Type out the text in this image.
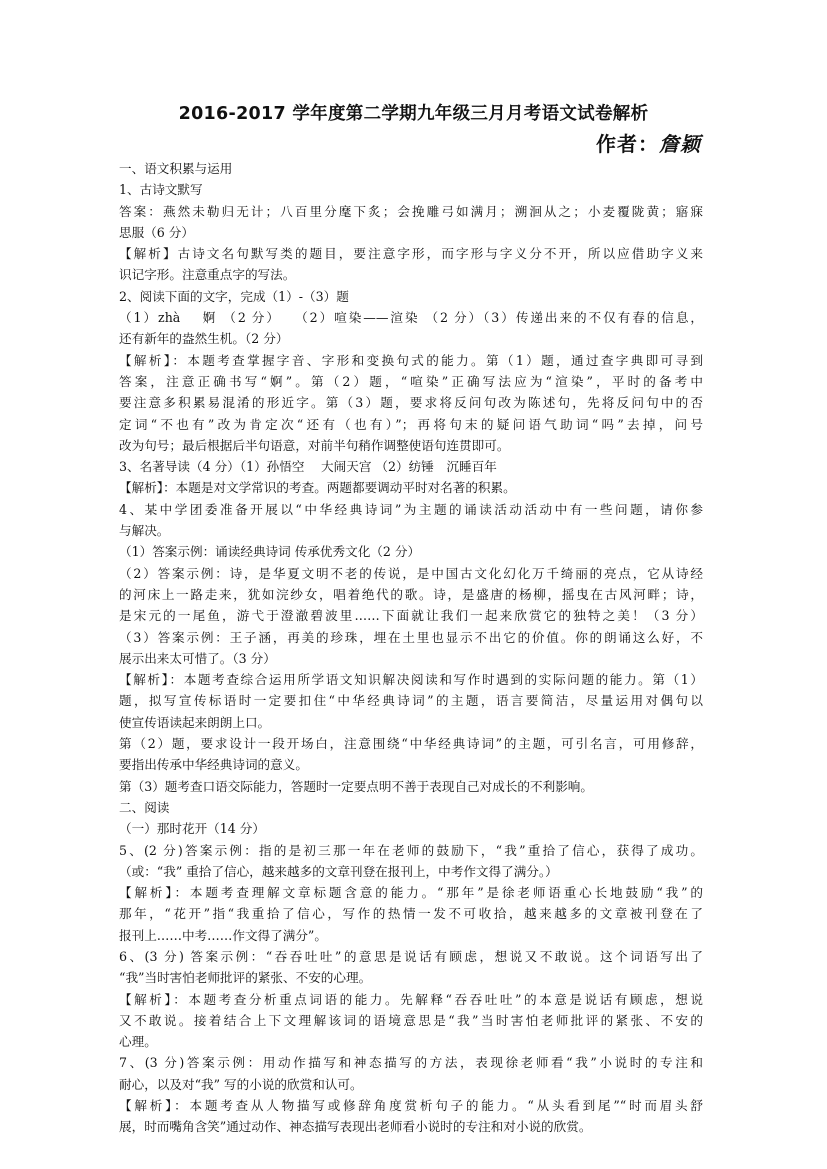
2016-2017 学年度第二学期九年级三月月考语文试卷解析
作者：詹颖
一、语文积累与运用
1、古诗文默写
答案：燕然未勒归无计；八百里分麾下炙；会挽雕弓如满月；溯洄从之；小麦覆陇黄；寤寐
思服（6 分）
【解析】古诗文名句默写类的题目，要注意字形，而字形与字义分不开，所以应借助字义来
识记字形。注意重点字的写法。
2、阅读下面的文字，完成（1）-（3）题
（1）zhà　 婀 （2 分）　 （2）喧染——渲染 （2 分）（3）传递出来的不仅有春的信息，
还有新年的盎然生机。（2 分）
【解析】：本题考查掌握字音、字形和变换句式的能力。第（1）题，通过查字典即可寻到
答案，注意正确书写“婀”。第（2）题，“喧染”正确写法应为“渲染”，平时的备考中
要注意多积累易混淆的形近字。第（3）题，要求将反问句改为陈述句，先将反问句中的否
定词“不也有”改为肯定次“还有（也有）”；再将句末的疑问语气助词“吗”去掉，问号
改为句号；最后根据后半句语意，对前半句稍作调整使语句连贯即可。
3、名著导读（4 分）（1）孙悟空　 大闹天宫 （2）纺锤　沉睡百年
【解析】：本题是对文学常识的考查。两题都要调动平时对名著的积累。
4、某中学团委准备开展以“中华经典诗词”为主题的诵读活动活动中有一些问题，请你参
与解决。
（1）答案示例：诵读经典诗词 传承优秀文化（2 分）
（2）答案示例：诗，是华夏文明不老的传说，是中国古文化幻化万千绮丽的亮点，它从诗经
的河床上一路走来，犹如浣纱女，唱着绝代的歌。诗，是盛唐的杨柳，摇曳在古风河畔；诗，
是宋元的一尾鱼，游弋于澄澈碧波里……下面就让我们一起来欣赏它的独特之美！（3 分）
（3）答案示例：王子涵，再美的珍珠，埋在土里也显示不出它的价值。你的朗诵这么好，不
展示出来太可惜了。（3 分）
【解析】：本题考查综合运用所学语文知识解决阅读和写作时遇到的实际问题的能力。第（1）
题，拟写宣传标语时一定要扣住“中华经典诗词”的主题，语言要简洁，尽量运用对偶句以
使宣传语读起来朗朗上口。
第（2）题，要求设计一段开场白，注意围绕“中华经典诗词”的主题，可引名言，可用修辞，
要指出传承中华经典诗词的意义。
第（3）题考查口语交际能力，答题时一定要点明不善于表现自己对成长的不利影响。
二、阅读
（一）那时花开（14 分）
5、(2 分)答案示例：指的是初三那一年在老师的鼓励下，“我”重拾了信心，获得了成功。
（或：“我” 重拾了信心，越来越多的文章刊登在报刊上，中考作文得了满分。）
【解析】：本题考查理解文章标题含意的能力。“那年”是徐老师语重心长地鼓励“我”的
那年，“花开”指“我重拾了信心，写作的热情一发不可收拾，越来越多的文章被刊登在了
报刊上……中考……作文得了满分”。
6、(3 分) 答案示例：“吞吞吐吐”的意思是说话有顾虑，想说又不敢说。这个词语写出了
“我”当时害怕老师批评的紧张、不安的心理。
【解析】：本题考查分析重点词语的能力。先解释“吞吞吐吐”的本意是说话有顾虑，想说
又不敢说。接着结合上下文理解该词的语境意思是“我”当时害怕老师批评的紧张、不安的
心理。
7、(3 分)答案示例：用动作描写和神态描写的方法，表现徐老师看“我”小说时的专注和
耐心，以及对“我” 写的小说的欣赏和认可。
【解析】：本题考查从人物描写或修辞角度赏析句子的能力。“从头看到尾”“时而眉头舒
展，时而嘴角含笑”通过动作、神态描写表现出老师看小说时的专注和对小说的欣赏。
